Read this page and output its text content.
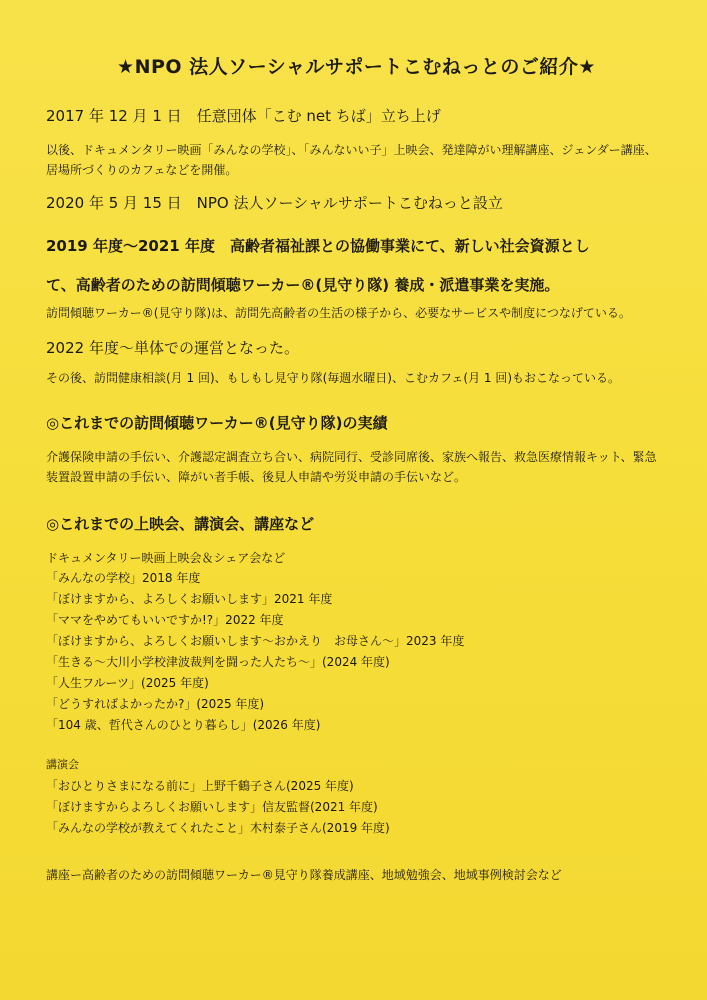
★NPO 法人ソーシャルサポートこむねっとのご紹介★

2017 年 12 月 1 日　任意団体「こむ net ちば」立ち上げ

以後、ドキュメンタリー映画「みんなの学校」、「みんないい子」上映会、発達障がい理解講座、ジェンダー講座、居場所づくりのカフェなどを開催。

2020 年 5 月 15 日　NPO 法人ソーシャルサポートこむねっと設立

2019 年度～2021 年度　高齢者福祉課との協働事業にて、新しい社会資源とし

て、高齢者のための訪問傾聴ワーカー®(見守り隊) 養成・派遣事業を実施。

訪問傾聴ワーカー®(見守り隊)は、訪問先高齢者の生活の様子から、必要なサービスや制度につなげている。

2022 年度～単体での運営となった。

その後、訪問健康相談(月 1 回)、もしもし見守り隊(毎週水曜日)、こむカフェ(月 1 回)もおこなっている。

◎これまでの訪問傾聴ワーカー®(見守り隊)の実績

介護保険申請の手伝い、介護認定調査立ち合い、病院同行、受診同席後、家族へ報告、救急医療情報キット、緊急装置設置申請の手伝い、障がい者手帳、後見人申請や労災申請の手伝いなど。

◎これまでの上映会、講演会、講座など

ドキュメンタリー映画上映会＆シェア会など

「みんなの学校」2018 年度
「ぼけますから、よろしくお願いします」2021 年度
「ママをやめてもいいですか!?」2022 年度
「ぼけますから、よろしくお願いします～おかえり　お母さん～」2023 年度
「生きる～大川小学校津波裁判を闘った人たち～」(2024 年度)
「人生フルーツ」(2025 年度)
「どうすればよかったか?」(2025 年度)
「104 歳、哲代さんのひとり暮らし」(2026 年度)

講演会

「おひとりさまになる前に」上野千鶴子さん(2025 年度)
「ぼけますからよろしくお願いします」信友監督(2021 年度)
「みんなの学校が教えてくれたこと」木村泰子さん(2019 年度)

講座ー高齢者のための訪問傾聴ワーカー®見守り隊養成講座、地域勉強会、地域事例検討会など
